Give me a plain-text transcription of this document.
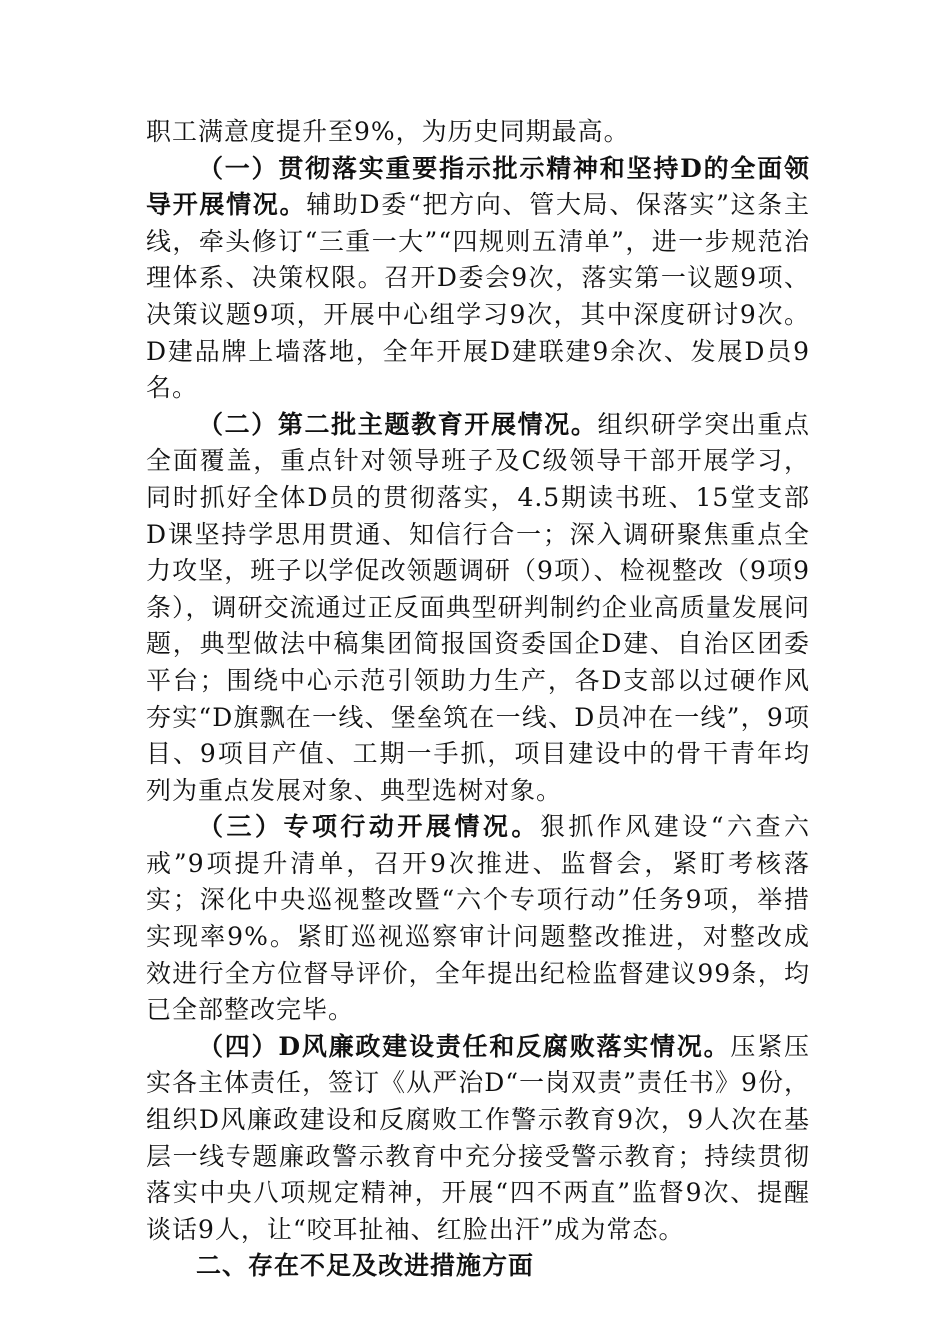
职工满意度提升至9%，为历史同期最高。

（一）贯彻落实重要指示批示精神和坚持D的全面领导开展情况。辅助D委“把方向、管大局、保落实”这条主线，牵头修订“三重一大”“四规则五清单”，进一步规范治理体系、决策权限。召开D委会9次，落实第一议题9项、决策议题9项，开展中心组学习9次，其中深度研讨9次。D建品牌上墙落地，全年开展D建联建9余次、发展D员9名。

（二）第二批主题教育开展情况。组织研学突出重点全面覆盖，重点针对领导班子及C级领导干部开展学习，同时抓好全体D员的贯彻落实，4.5期读书班、15堂支部D课坚持学思用贯通、知信行合一；深入调研聚焦重点全力攻坚，班子以学促改领题调研（9项）、检视整改（9项9条），调研交流通过正反面典型研判制约企业高质量发展问题，典型做法中稿集团简报国资委国企D建、自治区团委平台；围绕中心示范引领助力生产，各D支部以过硬作风夯实“D旗飘在一线、堡垒筑在一线、D员冲在一线”，9项目、9项目产值、工期一手抓，项目建设中的骨干青年均列为重点发展对象、典型选树对象。

（三）专项行动开展情况。狠抓作风建设“六查六戒”9项提升清单，召开9次推进、监督会，紧盯考核落实；深化中央巡视整改暨“六个专项行动”任务9项，举措实现率9%。紧盯巡视巡察审计问题整改推进，对整改成效进行全方位督导评价，全年提出纪检监督建议99条，均已全部整改完毕。

（四）D风廉政建设责任和反腐败落实情况。压紧压实各主体责任，签订《从严治D“一岗双责”责任书》9份，组织D风廉政建设和反腐败工作警示教育9次，9人次在基层一线专题廉政警示教育中充分接受警示教育；持续贯彻落实中央八项规定精神，开展“四不两直”监督9次、提醒谈话9人，让“咬耳扯袖、红脸出汗”成为常态。

二、存在不足及改进措施方面
